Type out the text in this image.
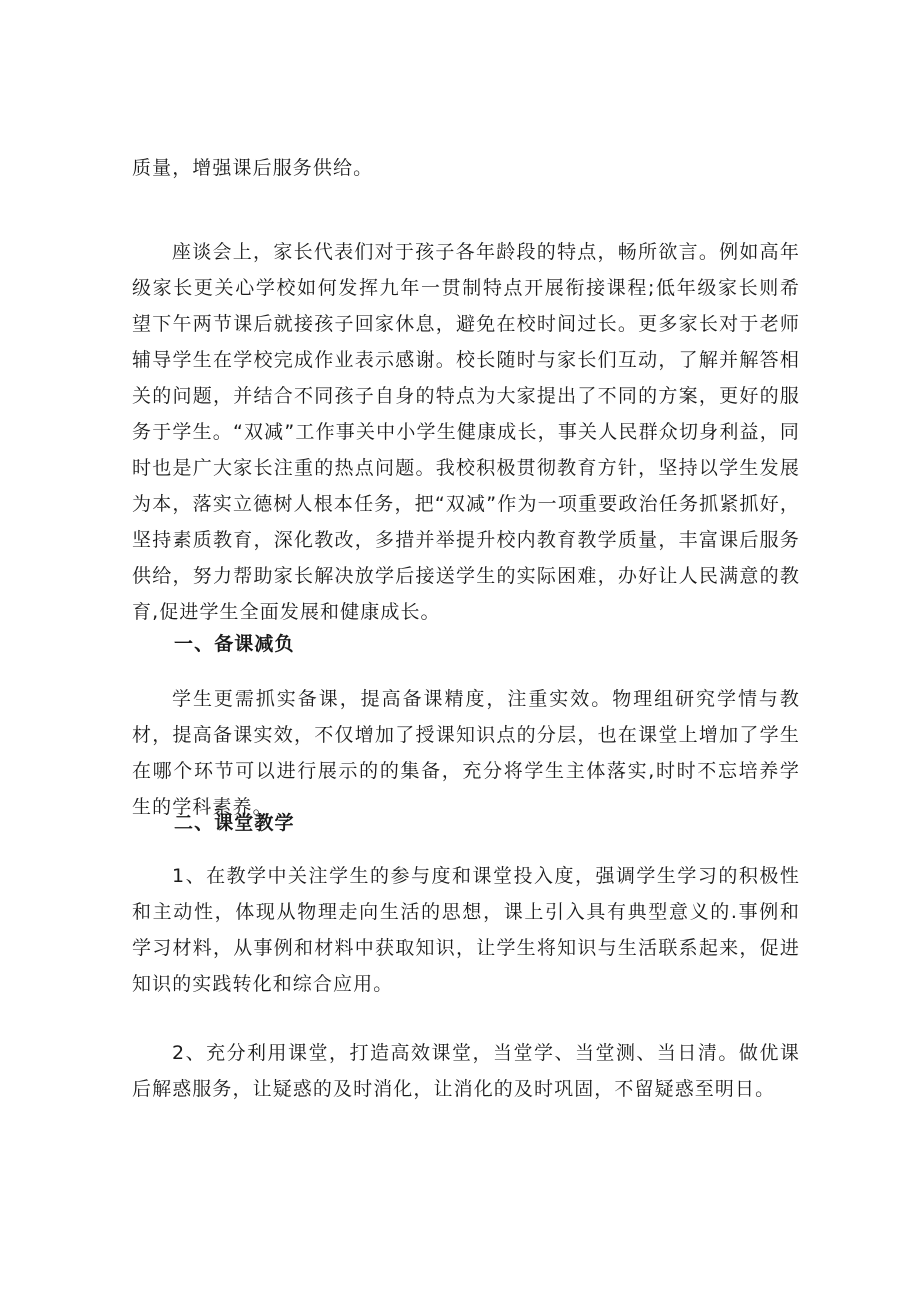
质量，增强课后服务供给。

座谈会上，家长代表们对于孩子各年龄段的特点，畅所欲言。例如高年级家长更关心学校如何发挥九年一贯制特点开展衔接课程;低年级家长则希望下午两节课后就接孩子回家休息，避免在校时间过长。更多家长对于老师辅导学生在学校完成作业表示感谢。校长随时与家长们互动，了解并解答相关的问题，并结合不同孩子自身的特点为大家提出了不同的方案，更好的服务于学生。“双减”工作事关中小学生健康成长，事关人民群众切身利益，同时也是广大家长注重的热点问题。我校积极贯彻教育方针，坚持以学生发展为本，落实立德树人根本任务，把“双减”作为一项重要政治任务抓紧抓好，坚持素质教育，深化教改，多措并举提升校内教育教学质量，丰富课后服务供给，努力帮助家长解决放学后接送学生的实际困难，办好让人民满意的教育,促进学生全面发展和健康成长。

一、备课减负

学生更需抓实备课，提高备课精度，注重实效。物理组研究学情与教材，提高备课实效，不仅增加了授课知识点的分层，也在课堂上增加了学生在哪个环节可以进行展示的的集备，充分将学生主体落实,时时不忘培养学生的学科素养。

二、课堂教学

1、在教学中关注学生的参与度和课堂投入度，强调学生学习的积极性和主动性，体现从物理走向生活的思想，课上引入具有典型意义的.事例和学习材料，从事例和材料中获取知识，让学生将知识与生活联系起来，促进知识的实践转化和综合应用。

2、充分利用课堂，打造高效课堂，当堂学、当堂测、当日清。做优课后解惑服务，让疑惑的及时消化，让消化的及时巩固，不留疑惑至明日。
